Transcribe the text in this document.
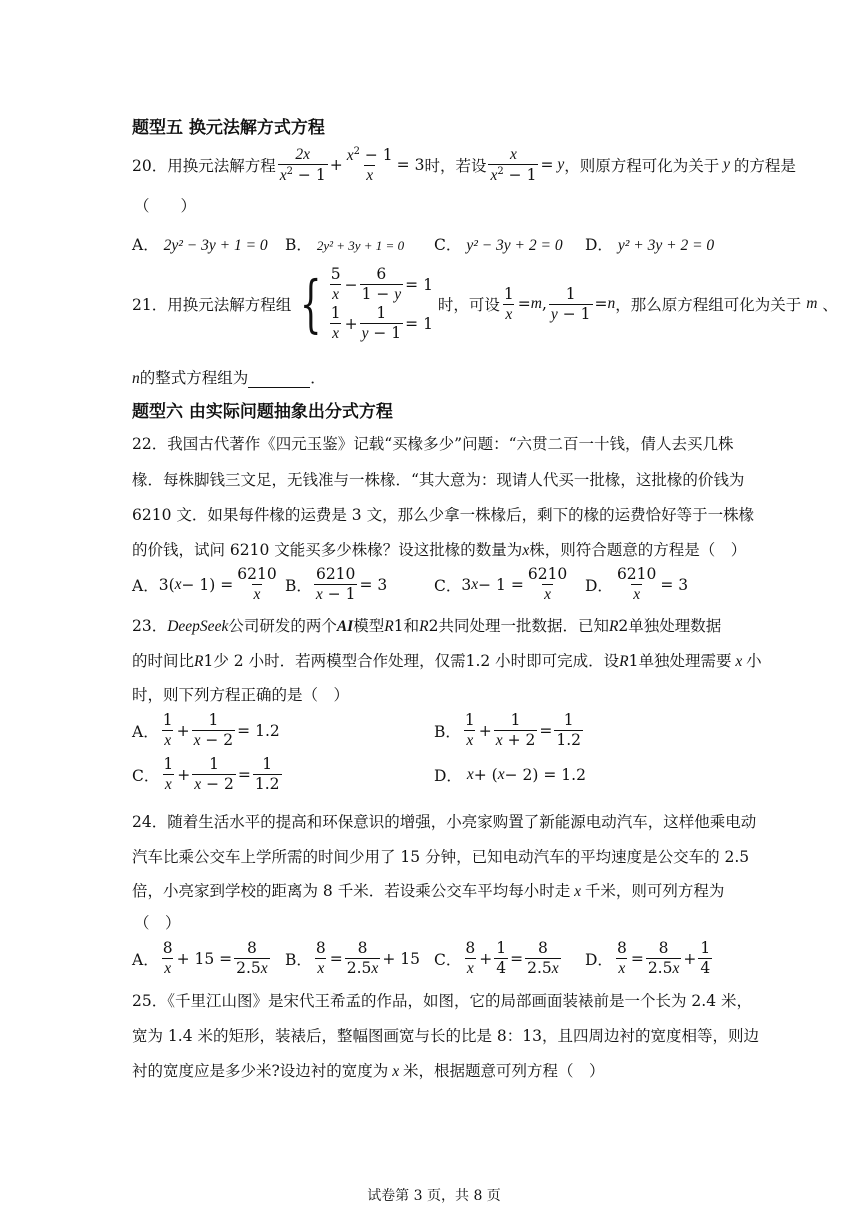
题型五 换元法解方式方程
20．用换元法解方程
2x
$x^2 - 1$
+
$x^2 - 1$
x
= 3 时，若设
x
$x^2 - 1$
= y ，则原方程可化为关于 y 的方程是
（　　）
A． 2y² − 3y + 1 = 0 B． 2y² + 3y + 1 = 0 C． y² − 3y + 2 = 0 D． y² + 3y + 2 = 0
21．用换元法解方程组 { 5
x
−
6
1 − y
= 1
1
x
+
1
y − 1
= 1

时，可设
1
x
= m ,
1
y − 1
= n ，那么原方程组可化为关于
m
、
n的整式方程组为	．
题型六 由实际问题抽象出分式方程
22．我国古代著作《四元玉鉴》记载“买椽多少”问题：“六贯二百一十钱，倩人去买几株
椽．每株脚钱三文足，无钱准与一株椽．“其大意为：现请人代买一批椽，这批椽的价钱为
6210 文．如果每件椽的运费是 3 文，那么少拿一株椽后，剩下的椽的运费恰好等于一株椽
的价钱，试问 6210 文能买多少株椽？设这批椽的数量为x株，则符合题意的方程是（　）
A． 3( x − 1) =
6210
x B．
6210
x − 1
= 3	C． 3 x − 1 =
6210
x D．
6210
x
= 3
23．DeepSeek公司研发的两个AI模型R1和R2共同处理一批数据．已知R2单独处理数据
的时间比R1少 2 小时．若两模型合作处理，仅需1.2 小时即可完成．设R1单独处理需要 x 小
时，则下列方程正确的是（　）
A．
1
x
+
1
x − 2
= 1.2	B．
1
x
+
1
x + 2
=
1
1.2
C．
1
x
+
1
x − 2
=
1
1.2	D．
x + ( x − 2) = 1.2
24．随着生活水平的提高和环保意识的增强，小亮家购置了新能源电动汽车，这样他乘电动
汽车比乘公交车上学所需的时间少用了 15 分钟，已知电动汽车的平均速度是公交车的 2.5
倍，小亮家到学校的距离为 8 千米．若设乘公交车平均每小时走 x 千米，则可列方程为
（　）
A．
8
x
+ 15 =
8
2.5x B．
8
x
=
8
2.5x
+ 15 C．
8
x
+
1
4
=
8
2.5x D．
8
x
=
8
2.5x
+
1
4
25．《千里江山图》是宋代王希孟的作品，如图，它的局部画面装裱前是一个长为 2.4 米，
宽为 1.4 米的矩形，装裱后，整幅图画宽与长的比是 8：13，且四周边衬的宽度相等，则边
衬的宽度应是多少米?设边衬的宽度为 x 米，根据题意可列方程（　）
试卷第 3 页，共 8 页
